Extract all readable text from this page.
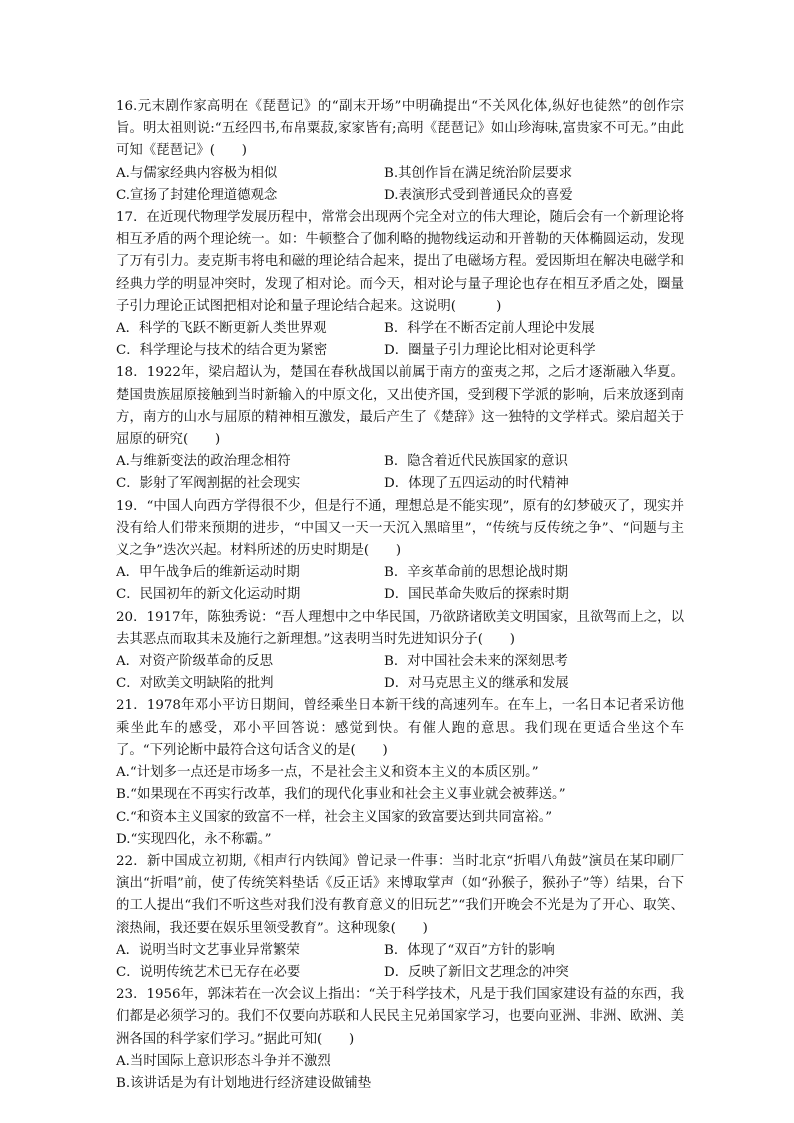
16.元末剧作家高明在《琵琶记》的“副末开场”中明确提出“不关风化体,纵好也徒然”的创作宗旨。明太祖则说:“五经四书,布帛粟菽,家家皆有;高明《琵琶记》如山珍海味,富贵家不可无。”由此可知《琵琶记》(　　)

A.与儒家经典内容极为相似	B.其创作旨在满足统治阶层要求
C.宣扬了封建伦理道德观念	D.表演形式受到普通民众的喜爱

17．在近现代物理学发展历程中，常常会出现两个完全对立的伟大理论，随后会有一个新理论将相互矛盾的两个理论统一。如：牛顿整合了伽利略的抛物线运动和开普勒的天体椭圆运动，发现了万有引力。麦克斯韦将电和磁的理论结合起来，提出了电磁场方程。爱因斯坦在解决电磁学和经典力学的明显冲突时，发现了相对论。而今天，相对论与量子理论也存在相互矛盾之处，圈量子引力理论正试图把相对论和量子理论结合起来。这说明(　　　)

A．科学的飞跃不断更新人类世界观	B．科学在不断否定前人理论中发展
C．科学理论与技术的结合更为紧密	D．圈量子引力理论比相对论更科学

18．1922年，梁启超认为，楚国在春秋战国以前属于南方的蛮夷之邦，之后才逐渐融入华夏。楚国贵族屈原接触到当时新输入的中原文化，又出使齐国，受到稷下学派的影响，后来放逐到南方，南方的山水与屈原的精神相互激发，最后产生了《楚辞》这一独特的文学样式。梁启超关于屈原的研究(　　)

A.与维新变法的政治理念相符	B．隐含着近代民族国家的意识
C．影射了军阀割据的社会现实	D．体现了五四运动的时代精神

19．“中国人向西方学得很不少，但是行不通，理想总是不能实现”，原有的幻梦破灭了，现实并没有给人们带来预期的进步，“中国又一天一天沉入黑暗里”，“传统与反传统之争”、“问题与主义之争”迭次兴起。材料所述的历史时期是(　　)

A．甲午战争后的维新运动时期	B．辛亥革命前的思想论战时期
C．民国初年的新文化运动时期	D．国民革命失败后的探索时期

20．1917年，陈独秀说：“吾人理想中之中华民国，乃欲跻诸欧美文明国家，且欲驾而上之，以去其恶点而取其未及施行之新理想。”这表明当时先进知识分子(　　)

A．对资产阶级革命的反思	B．对中国社会未来的深刻思考
C．对欧美文明缺陷的批判	D．对马克思主义的继承和发展

21．1978年邓小平访日期间，曾经乘坐日本新干线的高速列车。在车上，一名日本记者采访他乘坐此车的感受，邓小平回答说：感觉到快。有催人跑的意思。我们现在更适合坐这个车了。“下列论断中最符合这句话含义的是(　　)

A.“计划多一点还是市场多一点，不是社会主义和资本主义的本质区别。”

B.“如果现在不再实行改革，我们的现代化事业和社会主义事业就会被葬送。”

C.“和资本主义国家的致富不一样，社会主义国家的致富要达到共同富裕。”

D.“实现四化，永不称霸。”

22．新中国成立初期,《相声行内铁闻》曾记录一件事：当时北京“折唱八角鼓”演员在某印刷厂演出“折唱”前，使了传统笑料垫话《反正话》来博取掌声（如“孙猴子，猴孙子”等）结果，台下的工人提出“我们不听这些对我们没有教育意义的旧玩艺”“我们开晚会不光是为了开心、取笑、滚热闹，我还要在娱乐里领受教育”。这种现象(　　)

A．说明当时文艺事业异常繁荣	B．体现了“双百”方针的影响
C．说明传统艺术已无存在必要	D．反映了新旧文艺理念的冲突

23．1956年，郭沫若在一次会议上指出：“关于科学技术，凡是于我们国家建设有益的东西，我们都是必须学习的。我们不仅要向苏联和人民民主兄弟国家学习，也要向亚洲、非洲、欧洲、美洲各国的科学家们学习。”据此可知(　　)

A.当时国际上意识形态斗争并不激烈

B.该讲话是为有计划地进行经济建设做铺垫
